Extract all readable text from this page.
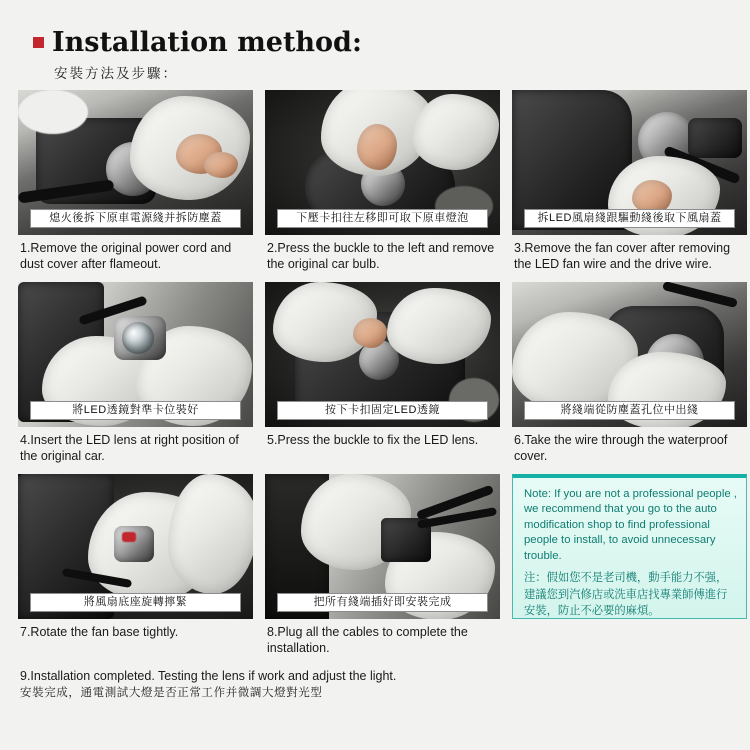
Installation method:
安裝方法及步驟：
熄火後拆下原車電源綫并拆防塵蓋
1.Remove the original power cord and dust cover after flameout.
下壓卡扣往左移即可取下原車燈泡
2.Press the buckle to the left and remove the original car bulb.
拆LED風扇綫跟驅動綫後取下風扇蓋
3.Remove the fan cover after removing the LED fan wire and the drive wire.
將LED透鏡對準卡位裝好
4.Insert the LED lens at right position of the original car.
按下卡扣固定LED透鏡
5.Press the buckle to fix the LED lens.
將綫端從防塵蓋孔位中出綫
6.Take the wire through the waterproof cover.
將風扇底座旋轉擰緊
7.Rotate the fan base tightly.
把所有綫端插好即安裝完成
8.Plug all the cables to complete the installation.
Note: If you are not a professional people , we recommend that you go to the auto modification shop to find professional people to install, to avoid unnecessary trouble.
注：假如您不是老司機，動手能力不强，建議您到汽修店或洗車店找專業師傅進行安裝，防止不必要的麻煩。
9.Installation completed. Testing the lens if work and adjust the light.
安裝完成，通電測試大燈是否正常工作并微調大燈對光型
